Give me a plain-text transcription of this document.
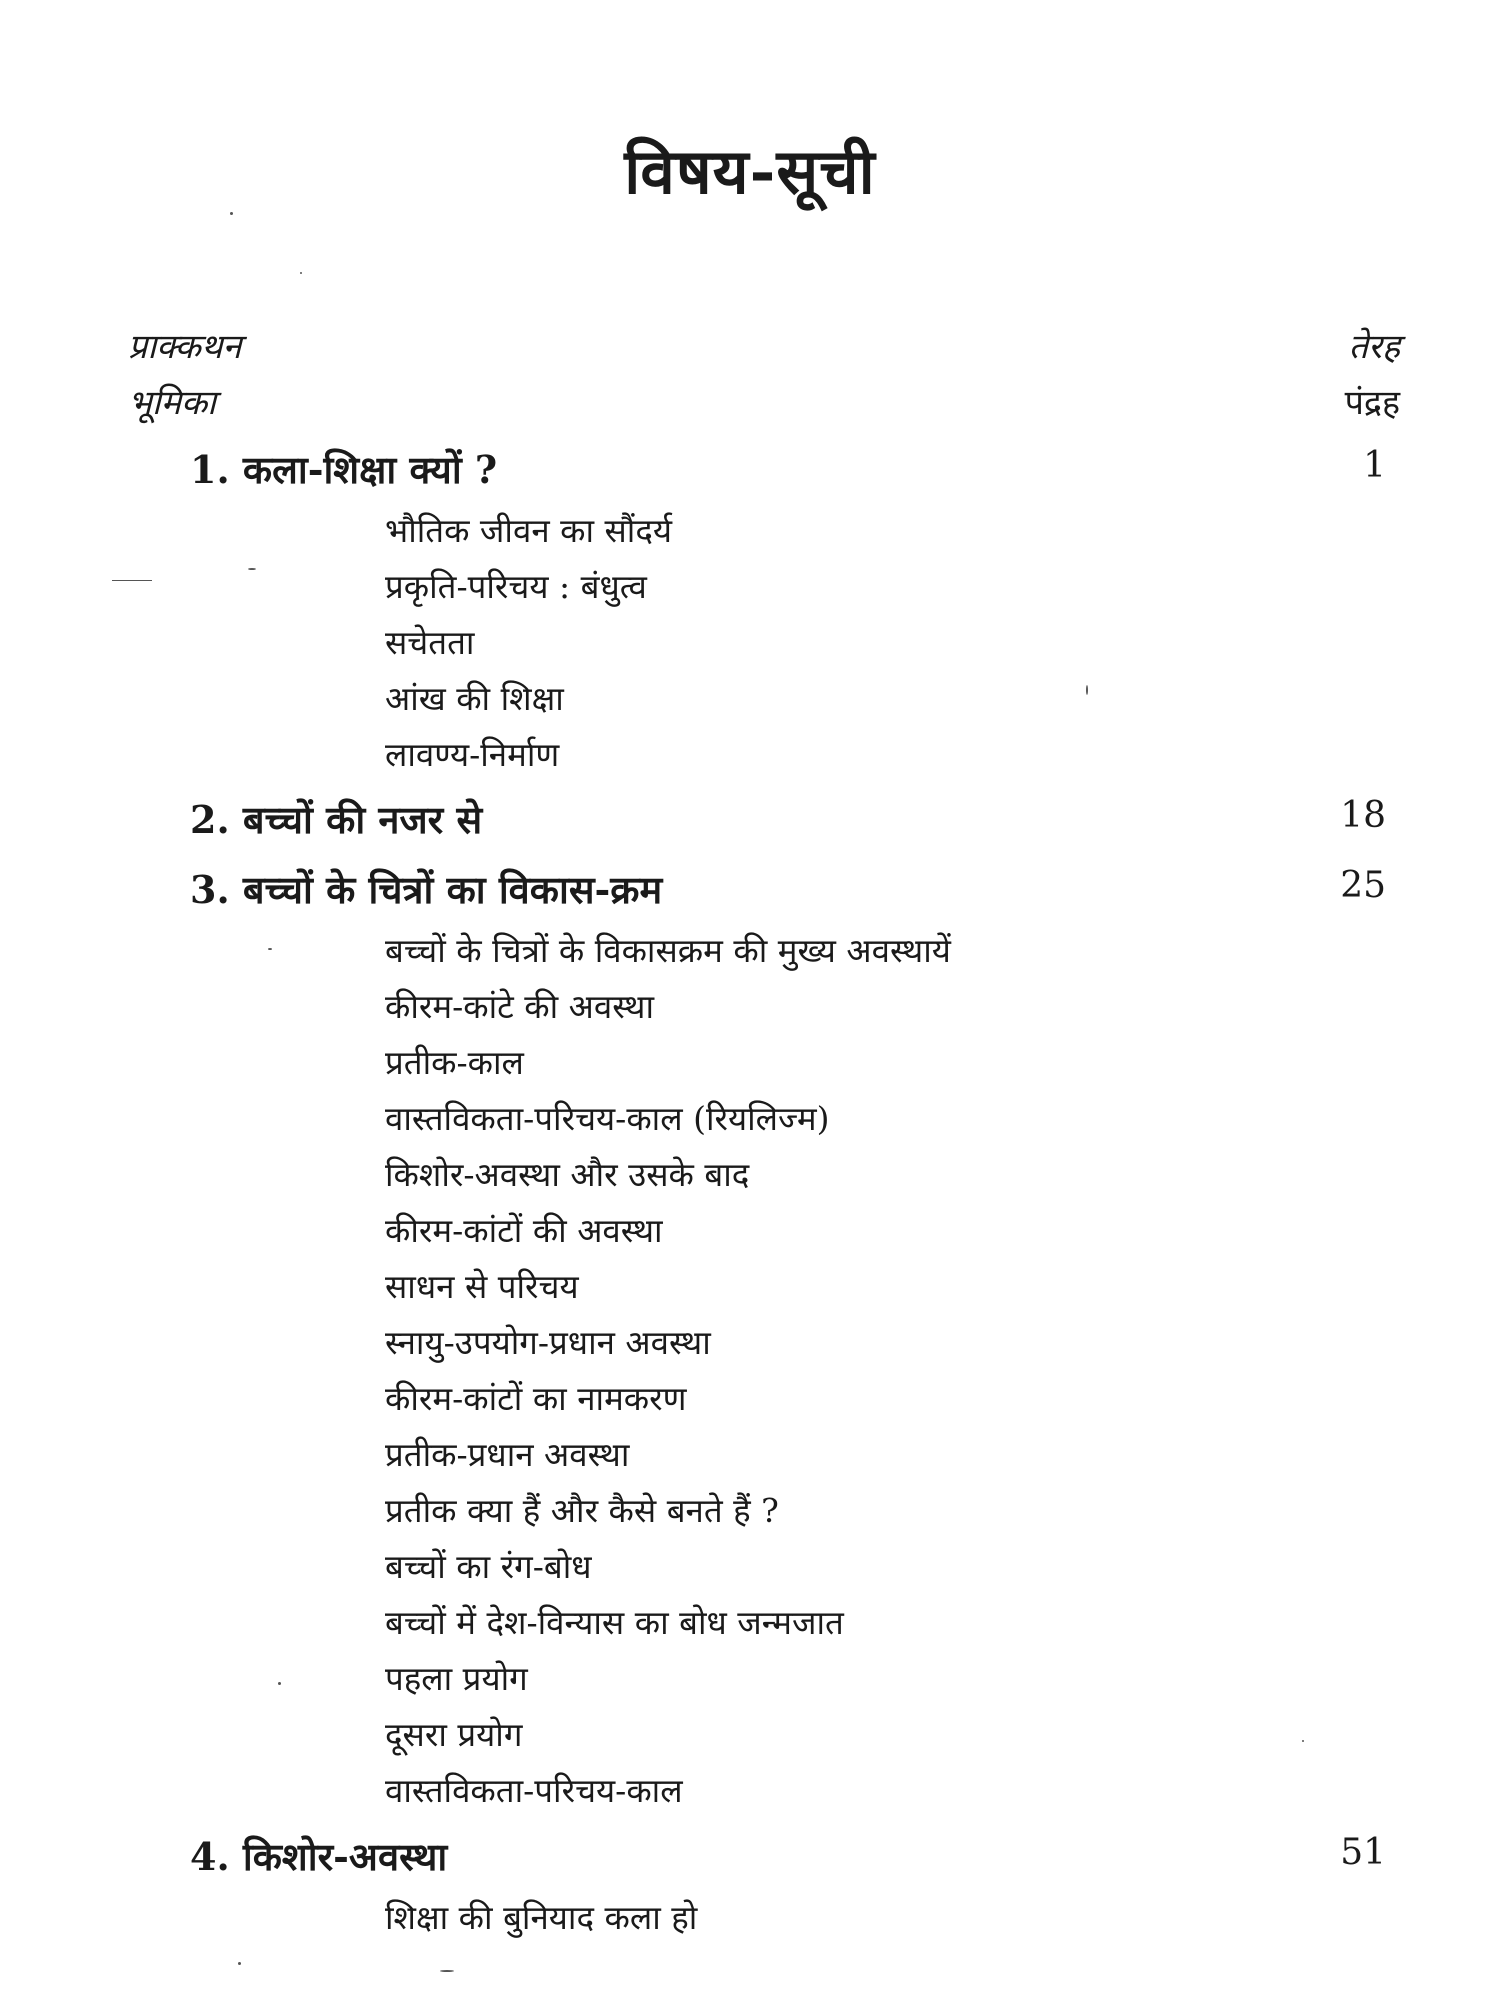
विषय-सूची
प्राक्कथन	तेरह
भूमिका	पंद्रह
1. कला-शिक्षा क्यों ?	1
भौतिक जीवन का सौंदर्य
प्रकृति-परिचय : बंधुत्व
सचेतता
आंख की शिक्षा
लावण्य-निर्माण
2. बच्चों की नजर से	18
3. बच्चों के चित्रों का विकास-क्रम	25
बच्चों के चित्रों के विकासक्रम की मुख्य अवस्थायें
कीरम-कांटे की अवस्था
प्रतीक-काल
वास्तविकता-परिचय-काल (रियलिज्म)
किशोर-अवस्था और उसके बाद
कीरम-कांटों की अवस्था
साधन से परिचय
स्नायु-उपयोग-प्रधान अवस्था
कीरम-कांटों का नामकरण
प्रतीक-प्रधान अवस्था
प्रतीक क्या हैं और कैसे बनते हैं ?
बच्चों का रंग-बोध
बच्चों में देश-विन्यास का बोध जन्मजात
पहला प्रयोग
दूसरा प्रयोग
वास्तविकता-परिचय-काल
4. किशोर-अवस्था	51
शिक्षा की बुनियाद कला हो
